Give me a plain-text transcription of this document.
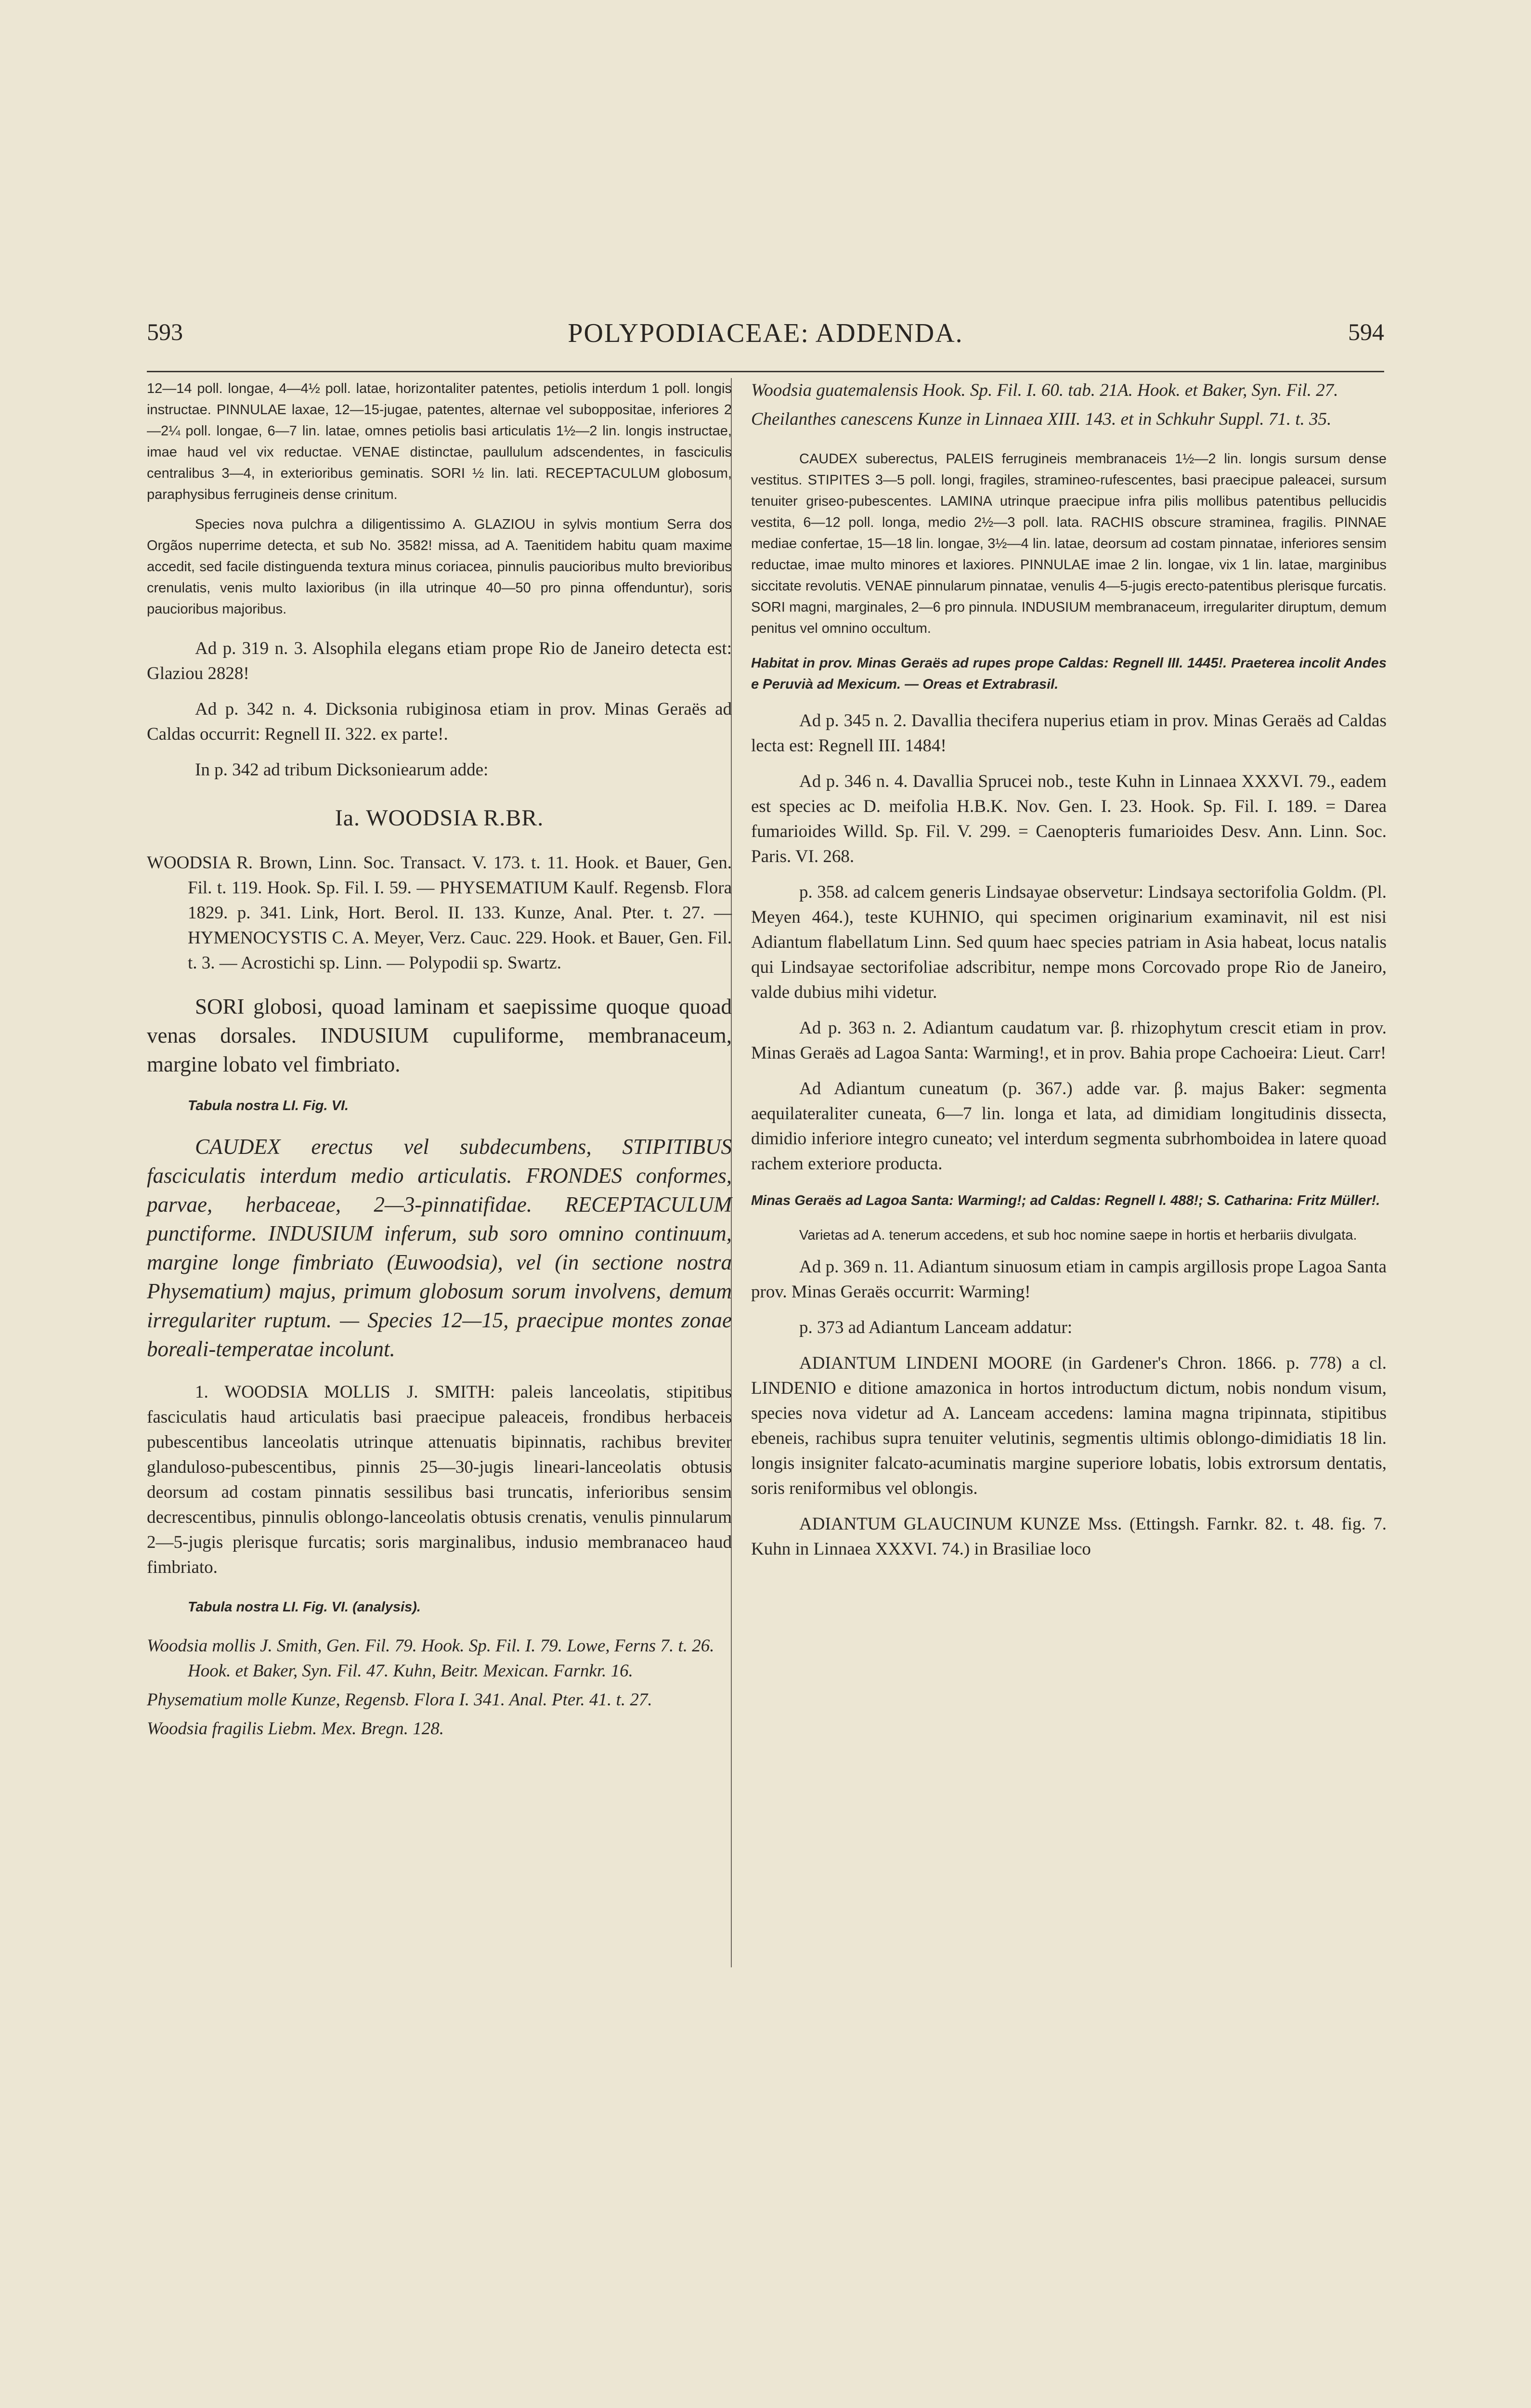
593	POLYPODIACEAE: ADDENDA.	594

12—14 poll. longae, 4—4½ poll. latae, horizontaliter patentes, petiolis interdum 1 poll. longis instructae. PINNULAE laxae, 12—15-jugae, patentes, alternae vel suboppositae, inferiores 2—2¼ poll. longae, 6—7 lin. latae, omnes petiolis basi articulatis 1½—2 lin. longis instructae, imae haud vel vix reductae. VENAE distinctae, paullulum adscendentes, in fasciculis centralibus 3—4, in exterioribus geminatis. SORI ½ lin. lati. RECEPTACULUM globosum, paraphysibus ferrugineis dense crinitum.

Species nova pulchra a diligentissimo A. GLAZIOU in sylvis montium Serra dos Orgãos nuperrime detecta, et sub No. 3582! missa, ad A. Taenitidem habitu quam maxime accedit, sed facile distinguenda textura minus coriacea, pinnulis paucioribus multo brevioribus crenulatis, venis multo laxioribus (in illa utrinque 40—50 pro pinna offenduntur), soris paucioribus majoribus.

Ad p. 319 n. 3. Alsophila elegans etiam prope Rio de Janeiro detecta est: Glaziou 2828!

Ad p. 342 n. 4. Dicksonia rubiginosa etiam in prov. Minas Geraës ad Caldas occurrit: Regnell II. 322. ex parte!.

In p. 342 ad tribum Dicksoniearum adde:

Ia. WOODSIA R.BR.

WOODSIA R. Brown, Linn. Soc. Transact. V. 173. t. 11. Hook. et Bauer, Gen. Fil. t. 119. Hook. Sp. Fil. I. 59. — PHYSEMATIUM Kaulf. Regensb. Flora 1829. p. 341. Link, Hort. Berol. II. 133. Kunze, Anal. Pter. t. 27. — HYMENOCYSTIS C. A. Meyer, Verz. Cauc. 229. Hook. et Bauer, Gen. Fil. t. 3. — Acrostichi sp. Linn. — Polypodii sp. Swartz.

SORI globosi, quoad laminam et saepissime quoque quoad venas dorsales. INDUSIUM cupuliforme, membranaceum, margine lobato vel fimbriato.

Tabula nostra LI. Fig. VI.

CAUDEX erectus vel subdecumbens, STIPITIBUS fasciculatis interdum medio articulatis. FRONDES conformes, parvae, herbaceae, 2—3-pinnatifidae. RECEPTACULUM punctiforme. INDUSIUM inferum, sub soro omnino continuum, margine longe fimbriato (Euwoodsia), vel (in sectione nostra Physematium) majus, primum globosum sorum involvens, demum irregulariter ruptum. — Species 12—15, praecipue montes zonae boreali-temperatae incolunt.

1. WOODSIA MOLLIS J. SMITH: paleis lanceolatis, stipitibus fasciculatis haud articulatis basi praecipue paleaceis, frondibus herbaceis pubescentibus lanceolatis utrinque attenuatis bipinnatis, rachibus breviter glanduloso-pubescentibus, pinnis 25—30-jugis lineari-lanceolatis obtusis deorsum ad costam pinnatis sessilibus basi truncatis, inferioribus sensim decrescentibus, pinnulis oblongo-lanceolatis obtusis crenatis, venulis pinnularum 2—5-jugis plerisque furcatis; soris marginalibus, indusio membranaceo haud fimbriato.

Tabula nostra LI. Fig. VI. (analysis).

Woodsia mollis J. Smith, Gen. Fil. 79. Hook. Sp. Fil. I. 79. Lowe, Ferns 7. t. 26. Hook. et Baker, Syn. Fil. 47. Kuhn, Beitr. Mexican. Farnkr. 16.

Physematium molle Kunze, Regensb. Flora I. 341. Anal. Pter. 41. t. 27.

Woodsia fragilis Liebm. Mex. Bregn. 128.

Woodsia guatemalensis Hook. Sp. Fil. I. 60. tab. 21A. Hook. et Baker, Syn. Fil. 27.

Cheilanthes canescens Kunze in Linnaea XIII. 143. et in Schkuhr Suppl. 71. t. 35.

CAUDEX suberectus, PALEIS ferrugineis membranaceis 1½—2 lin. longis sursum dense vestitus. STIPITES 3—5 poll. longi, fragiles, stramineo-rufescentes, basi praecipue paleacei, sursum tenuiter griseo-pubescentes. LAMINA utrinque praecipue infra pilis mollibus patentibus pellucidis vestita, 6—12 poll. longa, medio 2½—3 poll. lata. RACHIS obscure straminea, fragilis. PINNAE mediae confertae, 15—18 lin. longae, 3½—4 lin. latae, deorsum ad costam pinnatae, inferiores sensim reductae, imae multo minores et laxiores. PINNULAE imae 2 lin. longae, vix 1 lin. latae, marginibus siccitate revolutis. VENAE pinnularum pinnatae, venulis 4—5-jugis erecto-patentibus plerisque furcatis. SORI magni, marginales, 2—6 pro pinnula. INDUSIUM membranaceum, irregulariter diruptum, demum penitus vel omnino occultum.

Habitat in prov. Minas Geraës ad rupes prope Caldas: Regnell III. 1445!. Praeterea incolit Andes e Peruvià ad Mexicum. — Oreas et Extrabrasil.

Ad p. 345 n. 2. Davallia thecifera nuperius etiam in prov. Minas Geraës ad Caldas lecta est: Regnell III. 1484!

Ad p. 346 n. 4. Davallia Sprucei nob., teste Kuhn in Linnaea XXXVI. 79., eadem est species ac D. meifolia H.B.K. Nov. Gen. I. 23. Hook. Sp. Fil. I. 189. = Darea fumarioides Willd. Sp. Fil. V. 299. = Caenopteris fumarioides Desv. Ann. Linn. Soc. Paris. VI. 268.

p. 358. ad calcem generis Lindsayae observetur: Lindsaya sectorifolia Goldm. (Pl. Meyen 464.), teste KUHNIO, qui specimen originarium examinavit, nil est nisi Adiantum flabellatum Linn. Sed quum haec species patriam in Asia habeat, locus natalis qui Lindsayae sectorifoliae adscribitur, nempe mons Corcovado prope Rio de Janeiro, valde dubius mihi videtur.

Ad p. 363 n. 2. Adiantum caudatum var. β. rhizophytum crescit etiam in prov. Minas Geraës ad Lagoa Santa: Warming!, et in prov. Bahia prope Cachoeira: Lieut. Carr!

Ad Adiantum cuneatum (p. 367.) adde var. β. majus Baker: segmenta aequilateraliter cuneata, 6—7 lin. longa et lata, ad dimidiam longitudinis dissecta, dimidio inferiore integro cuneato; vel interdum segmenta subrhomboidea in latere quoad rachem exteriore producta.

Minas Geraës ad Lagoa Santa: Warming!; ad Caldas: Regnell I. 488!; S. Catharina: Fritz Müller!.

Varietas ad A. tenerum accedens, et sub hoc nomine saepe in hortis et herbariis divulgata.

Ad p. 369 n. 11. Adiantum sinuosum etiam in campis argillosis prope Lagoa Santa prov. Minas Geraës occurrit: Warming!

p. 373 ad Adiantum Lanceam addatur:

ADIANTUM LINDENI MOORE (in Gardener's Chron. 1866. p. 778) a cl. LINDENIO e ditione amazonica in hortos introductum dictum, nobis nondum visum, species nova videtur ad A. Lanceam accedens: lamina magna tripinnata, stipitibus ebeneis, rachibus supra tenuiter velutinis, segmentis ultimis oblongo-dimidiatis 18 lin. longis insigniter falcato-acuminatis margine superiore lobatis, lobis extrorsum dentatis, soris reniformibus vel oblongis.

ADIANTUM GLAUCINUM KUNZE Mss. (Ettingsh. Farnkr. 82. t. 48. fig. 7. Kuhn in Linnaea XXXVI. 74.) in Brasiliae loco
